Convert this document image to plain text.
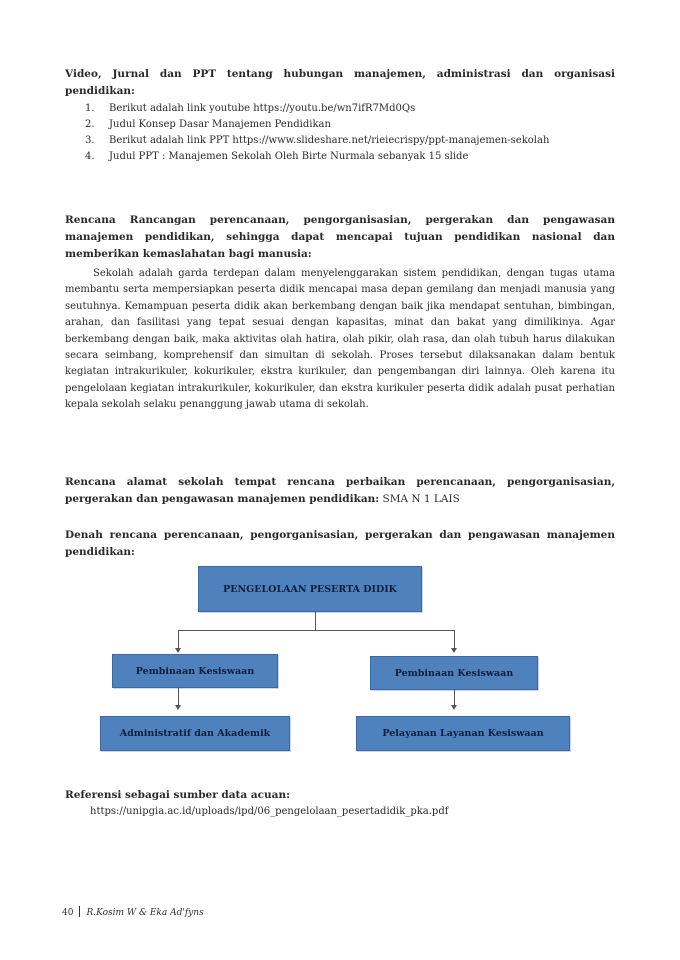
Video, Jurnal dan PPT tentang hubungan manajemen, administrasi dan organisasi pendidikan:
1. Berikut adalah link youtube https://youtu.be/wn7ifR7Md0Qs
2. Judul Konsep Dasar Manajemen Pendidikan
3. Berikut adalah link PPT https://www.slideshare.net/rieiecrispy/ppt-manajemen-sekolah
4. Judul PPT : Manajemen Sekolah Oleh Birte Nurmala sebanyak 15 slide
Rencana Rancangan perencanaan, pengorganisasian, pergerakan dan pengawasan manajemen pendidikan, sehingga dapat mencapai tujuan pendidikan nasional dan memberikan kemaslahatan bagi manusia:

Sekolah adalah garda terdepan dalam menyelenggarakan sistem pendidikan, dengan tugas utama membantu serta mempersiapkan peserta didik mencapai masa depan gemilang dan menjadi manusia yang seutuhnya. Kemampuan peserta didik akan berkembang dengan baik jika mendapat sentuhan, bimbingan, arahan, dan fasilitasi yang tepat sesuai dengan kapasitas, minat dan bakat yang dimilikinya. Agar berkembang dengan baik, maka aktivitas olah hatira, olah pikir, olah rasa, dan olah tubuh harus dilakukan secara seimbang, komprehensif dan simultan di sekolah. Proses tersebut dilaksanakan dalam bentuk kegiatan intrakurikuler, kokurikuler, ekstra kurikuler, dan pengembangan diri lainnya. Oleh karena itu pengelolaan kegiatan intrakurikuler, kokurikuler, dan ekstra kurikuler peserta didik adalah pusat perhatian kepala sekolah selaku penanggung jawab utama di sekolah.

Rencana alamat sekolah tempat rencana perbaikan perencanaan, pengorganisasian, pergerakan dan pengawasan manajemen pendidikan: SMA N 1 LAIS
Denah rencana perencanaan, pengorganisasian, pergerakan dan pengawasan manajemen pendidikan:
PENGELOLAAN PESERTA DIDIK
Pembinaan Kesiswaan	Pembinaan Kesiswaan
Administratif dan Akademik	Pelayanan Layanan Kesiswaan
Referensi sebagai sumber data acuan:
https://unipgia.ac.id/uploads/ipd/06_pengelolaan_pesertadidik_pka.pdf
40 R.Kosim W & Eka Ad'fyns
